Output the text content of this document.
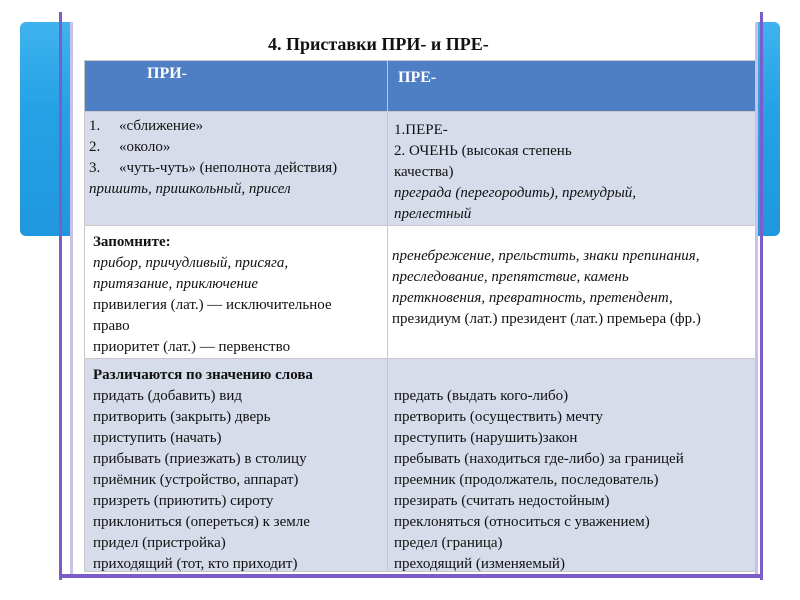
4. Приставки ПРИ- и ПРЕ-
ПРИ-	ПРЕ-
1. «сближение»
2. «около»
3. «чуть-чуть» (неполнота действия)
пришить, пришкольный, присел
1.ПЕРЕ-
2. ОЧЕНЬ (высокая степень
качества)
преграда (перегородить), премудрый,
прелестный
Запомните:
прибор, причудливый, присяга,
притязание, приключение
привилегия (лат.) — исключительное
право
приоритет (лат.) — первенство
пренебрежение, прельстить, знаки препинания,
преследование, препятствие, камень
преткновения, превратность, претендент,
президиум (лат.) президент (лат.) премьера (фр.)
Различаются по значению слова
придать (добавить) вид
притворить (закрыть) дверь
приступить (начать)
прибывать (приезжать) в столицу
приёмник (устройство, аппарат)
призреть (приютить) сироту
приклониться (опереться) к земле
придел (пристройка)
приходящий (тот, кто приходит)
предать (выдать кого-либо)
претворить (осуществить) мечту
преступить (нарушить)закон
пребывать (находиться где-либо) за границей
преемник (продолжатель, последователь)
презирать (считать недостойным)
преклоняться (относиться с уважением)
предел (граница)
преходящий (изменяемый)
